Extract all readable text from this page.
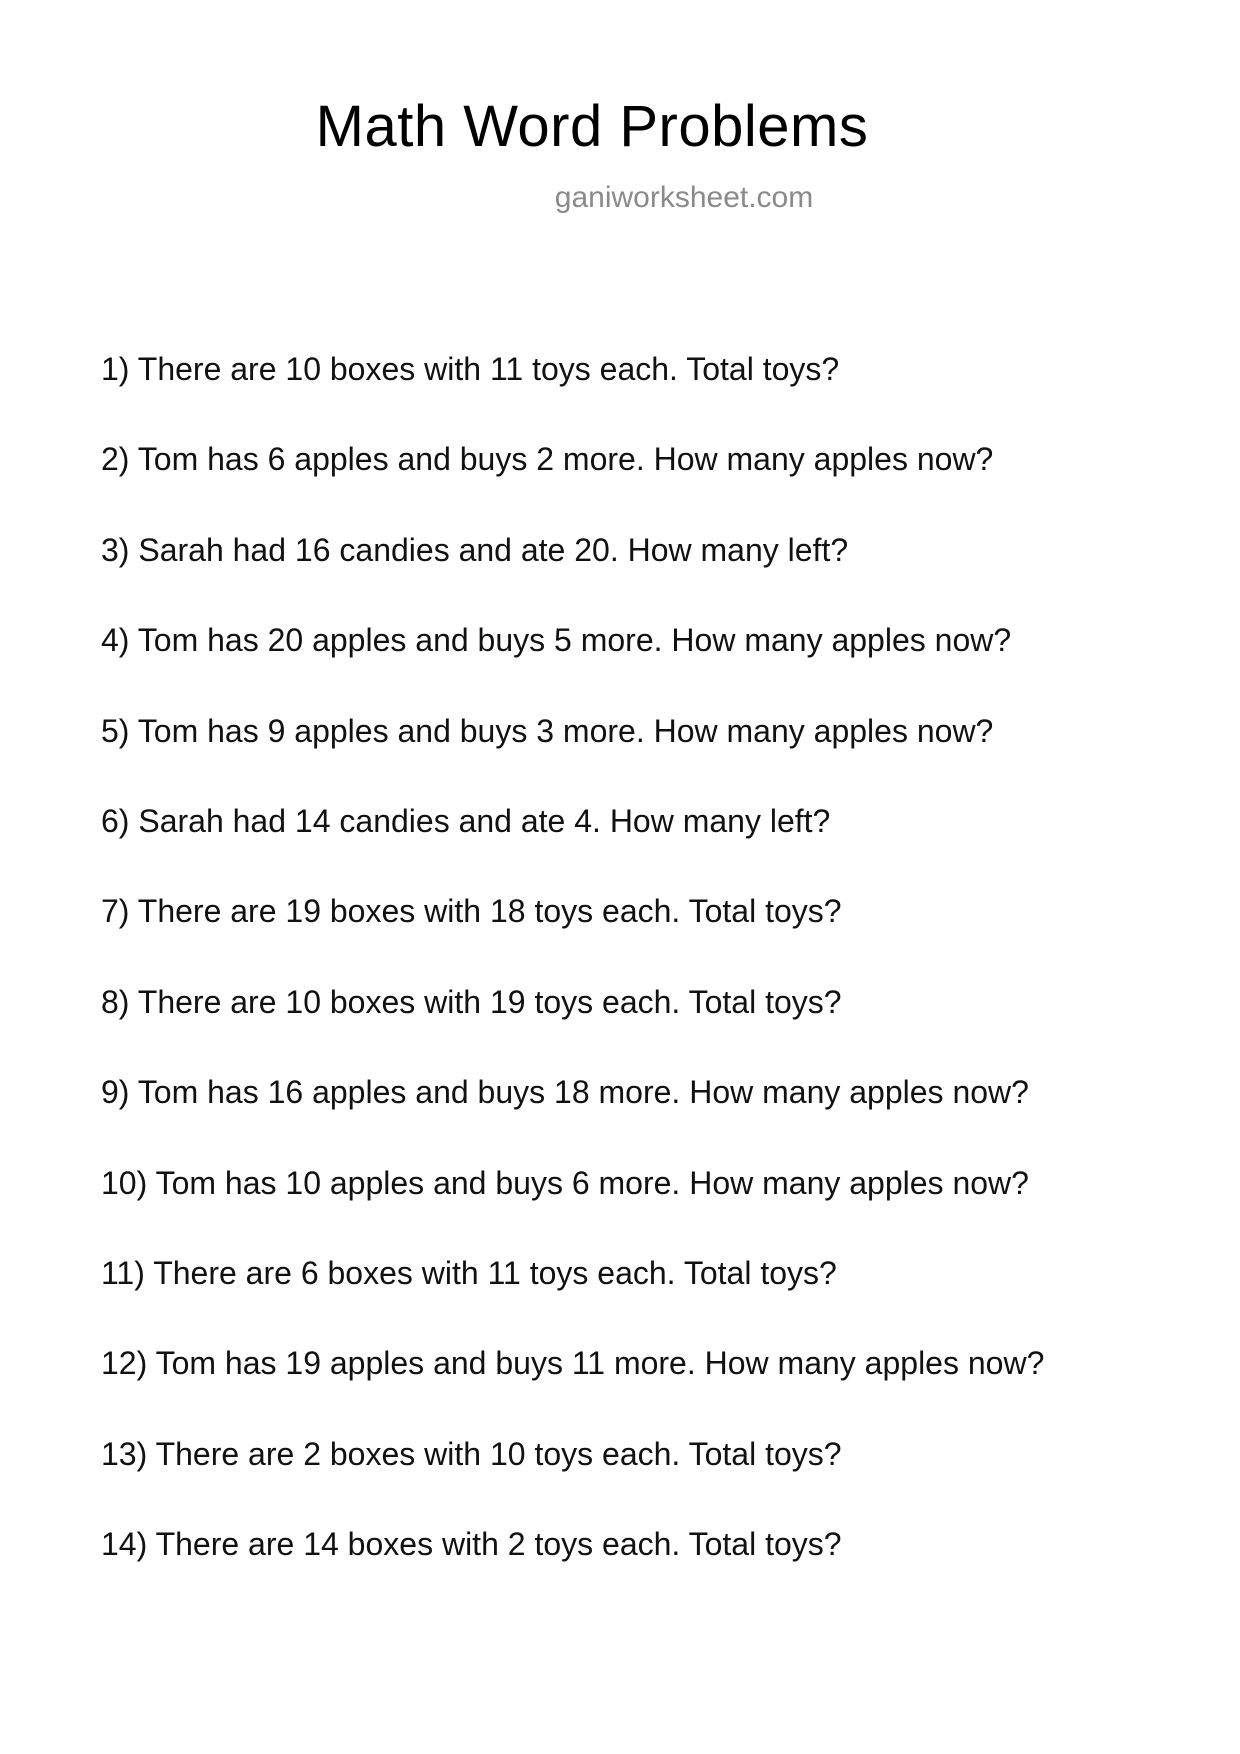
Math Word Problems
ganiworksheet.com
1) There are 10 boxes with 11 toys each. Total toys?
2) Tom has 6 apples and buys 2 more. How many apples now?
3) Sarah had 16 candies and ate 20. How many left?
4) Tom has 20 apples and buys 5 more. How many apples now?
5) Tom has 9 apples and buys 3 more. How many apples now?
6) Sarah had 14 candies and ate 4. How many left?
7) There are 19 boxes with 18 toys each. Total toys?
8) There are 10 boxes with 19 toys each. Total toys?
9) Tom has 16 apples and buys 18 more. How many apples now?
10) Tom has 10 apples and buys 6 more. How many apples now?
11) There are 6 boxes with 11 toys each. Total toys?
12) Tom has 19 apples and buys 11 more. How many apples now?
13) There are 2 boxes with 10 toys each. Total toys?
14) There are 14 boxes with 2 toys each. Total toys?
